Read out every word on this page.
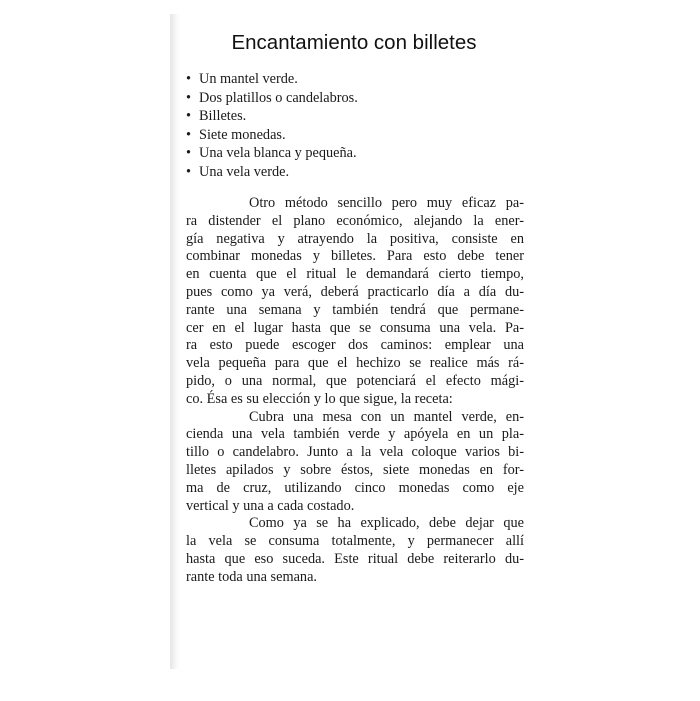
Encantamiento con billetes
• Un mantel verde.
• Dos platillos o candelabros.
• Billetes.
• Siete monedas.
• Una vela blanca y pequeña.
• Una vela verde.
Otro método sencillo pero muy eficaz pa-
ra distender el plano económico, alejando la ener-
gía negativa y atrayendo la positiva, consiste en
combinar monedas y billetes. Para esto debe tener
en cuenta que el ritual le demandará cierto tiempo,
pues como ya verá, deberá practicarlo día a día du-
rante una semana y también tendrá que permane-
cer en el lugar hasta que se consuma una vela. Pa-
ra esto puede escoger dos caminos: emplear una
vela pequeña para que el hechizo se realice más rá-
pido, o una normal, que potenciará el efecto mági-
co. Ésa es su elección y lo que sigue, la receta:
Cubra una mesa con un mantel verde, en-
cienda una vela también verde y apóyela en un pla-
tillo o candelabro. Junto a la vela coloque varios bi-
lletes apilados y sobre éstos, siete monedas en for-
ma de cruz, utilizando cinco monedas como eje
vertical y una a cada costado.
Como ya se ha explicado, debe dejar que
la vela se consuma totalmente, y permanecer allí
hasta que eso suceda. Este ritual debe reiterarlo du-
rante toda una semana.
